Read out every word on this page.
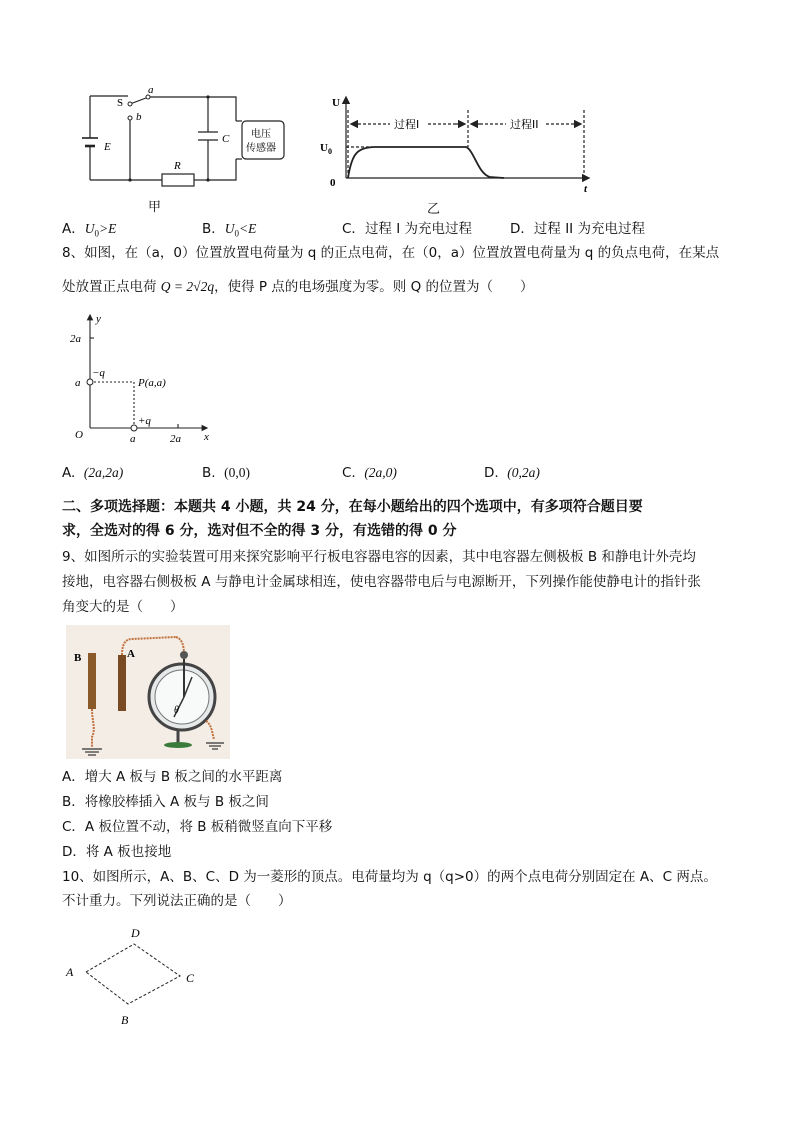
S
a
b
E
C
R
电压
传感器
甲
U
$U_0$
0	t
过程I	过程II
乙
A．$U_0>E$	B．$U_0<E$	C．过程 I 为充电过程	D．过程 II 为充电过程
8、如图，在（a，0）位置放置电荷量为 q 的正点电荷，在（0，a）位置放置电荷量为 q 的负点电荷，在某点
处放置正点电荷 Q = 2√2q，使得 P 点的电场强度为零。则 Q 的位置为（　　）
y
x
2a
a
−q
P(a,a)
+q
O	a	2a
A. (2a,2a)	B. (0,0)	C. (2a,0)	D. (0,2a)
二、多项选择题：本题共 4 小题，共 24 分，在每小题给出的四个选项中，有多项符合题目要
求，全选对的得 6 分，选对但不全的得 3 分，有选错的得 0 分
9、如图所示的实验装置可用来探究影响平行板电容器电容的因素，其中电容器左侧极板 B 和静电计外壳均
接地，电容器右侧极板 A 与静电计金属球相连，使电容器带电后与电源断开，下列操作能使静电计的指针张
角变大的是（　　）
B	A
θ
A．增大 A 板与 B 板之间的水平距离
B．将橡胶棒插入 A 板与 B 板之间
C．A 板位置不动，将 B 板稍微竖直向下平移
D．将 A 板也接地
10、如图所示，A、B、C、D 为一菱形的顶点。电荷量均为 q（q>0）的两个点电荷分别固定在 A、C 两点。
不计重力。下列说法正确的是（　　）
A
B
C
D
